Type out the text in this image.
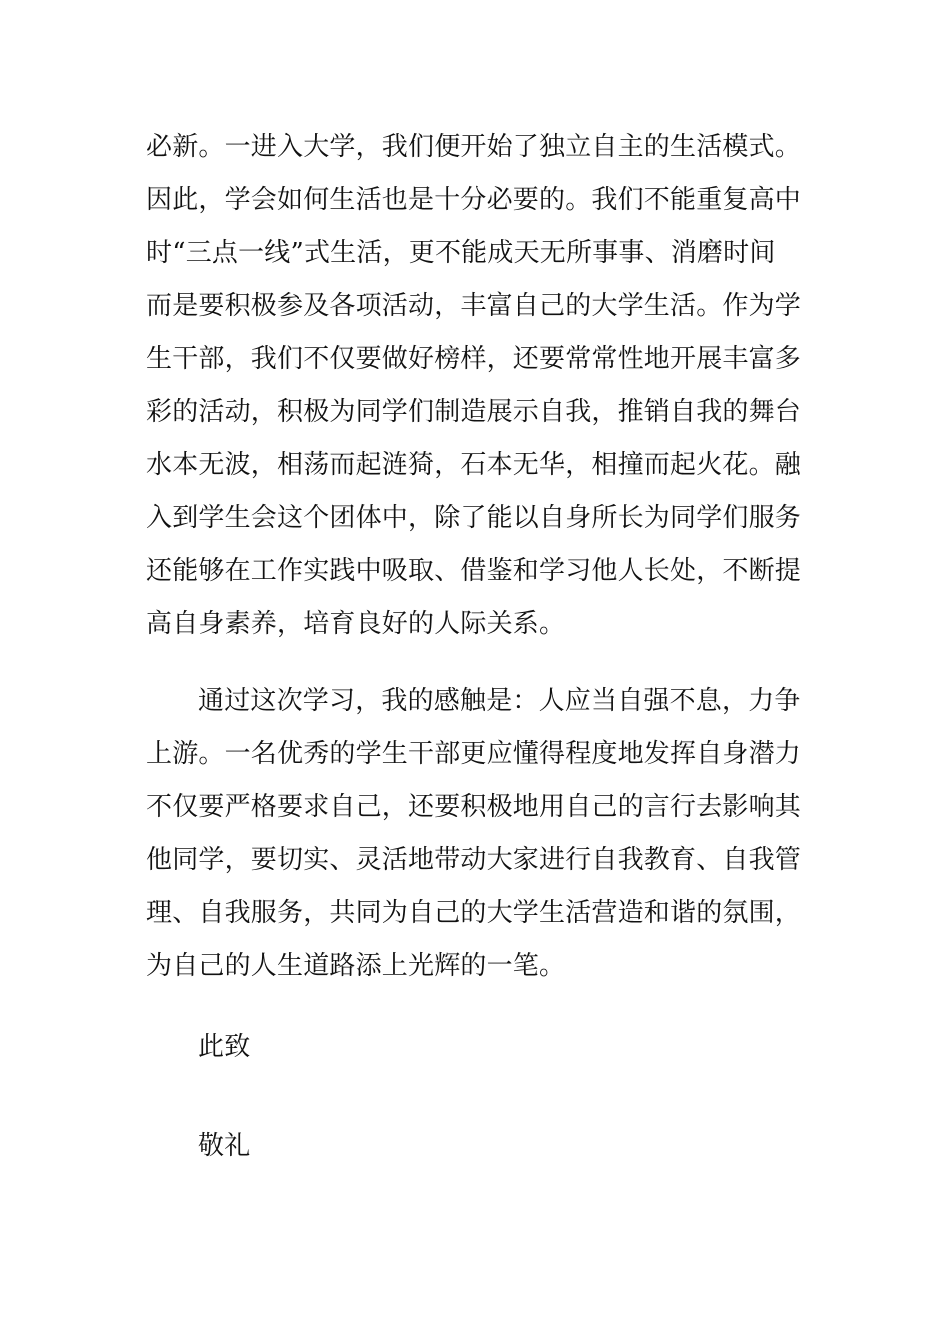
必新。一进入大学，我们便开始了独立自主的生活模式。
因此，学会如何生活也是十分必要的。我们不能重复高中
时“三点一线”式生活，更不能成天无所事事、消磨时间
而是要积极参及各项活动，丰富自己的大学生活。作为学
生干部，我们不仅要做好榜样，还要常常性地开展丰富多
彩的活动，积极为同学们制造展示自我，推销自我的舞台
水本无波，相荡而起涟猗，石本无华，相撞而起火花。融
入到学生会这个团体中，除了能以自身所长为同学们服务
还能够在工作实践中吸取、借鉴和学习他人长处，不断提
高自身素养，培育良好的人际关系。
通过这次学习，我的感触是：人应当自强不息，力争
上游。一名优秀的学生干部更应懂得程度地发挥自身潜力
不仅要严格要求自己，还要积极地用自己的言行去影响其
他同学，要切实、灵活地带动大家进行自我教育、自我管
理、自我服务，共同为自己的大学生活营造和谐的氛围，
为自己的人生道路添上光辉的一笔。
此致
敬礼
